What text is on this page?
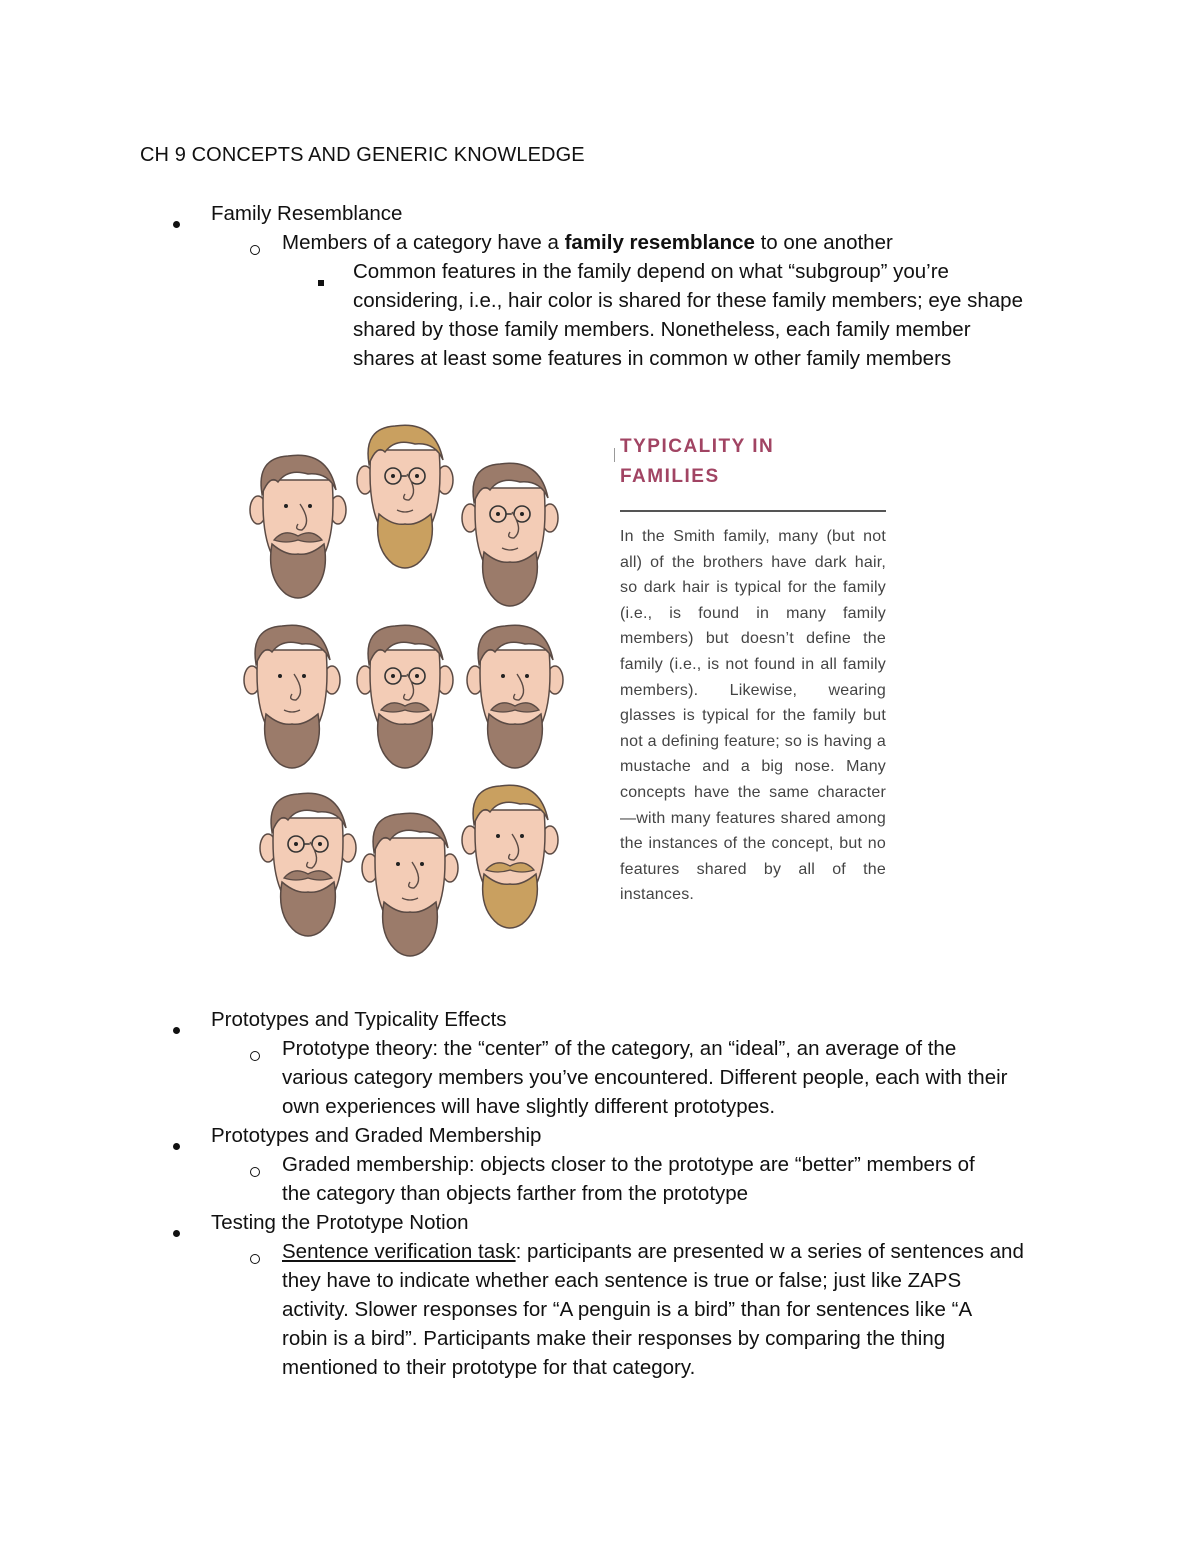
CH 9 CONCEPTS AND GENERIC KNOWLEDGE
Family Resemblance
Members of a category have a family resemblance to one another
Common features in the family depend on what “subgroup” you’re
considering, i.e., hair color is shared for these family members; eye shape
shared by those family members. Nonetheless, each family member
shares at least some features in common w other family members
TYPICALITY IN
FAMILIES
In the Smith family, many (but not all) of the brothers have dark hair, so dark hair is typical for the family (i.e., is found in many family members) but doesn’t define the family (i.e., is not found in all family members). Likewise, wearing glasses is typical for the family but not a defining feature; so is having a mustache and a big nose. Many concepts have the same character—with many features shared among the instances of the concept, but no features shared by all of the instances.
Prototypes and Typicality Effects
Prototype theory: the “center” of the category, an “ideal”, an average of the
various category members you’ve encountered. Different people, each with their
own experiences will have slightly different prototypes.
Prototypes and Graded Membership
Graded membership: objects closer to the prototype are “better” members of
the category than objects farther from the prototype
Testing the Prototype Notion
Sentence verification task: participants are presented w a series of sentences and
they have to indicate whether each sentence is true or false; just like ZAPS
activity. Slower responses for “A penguin is a bird” than for sentences like “A
robin is a bird”. Participants make their responses by comparing the thing
mentioned to their prototype for that category.
